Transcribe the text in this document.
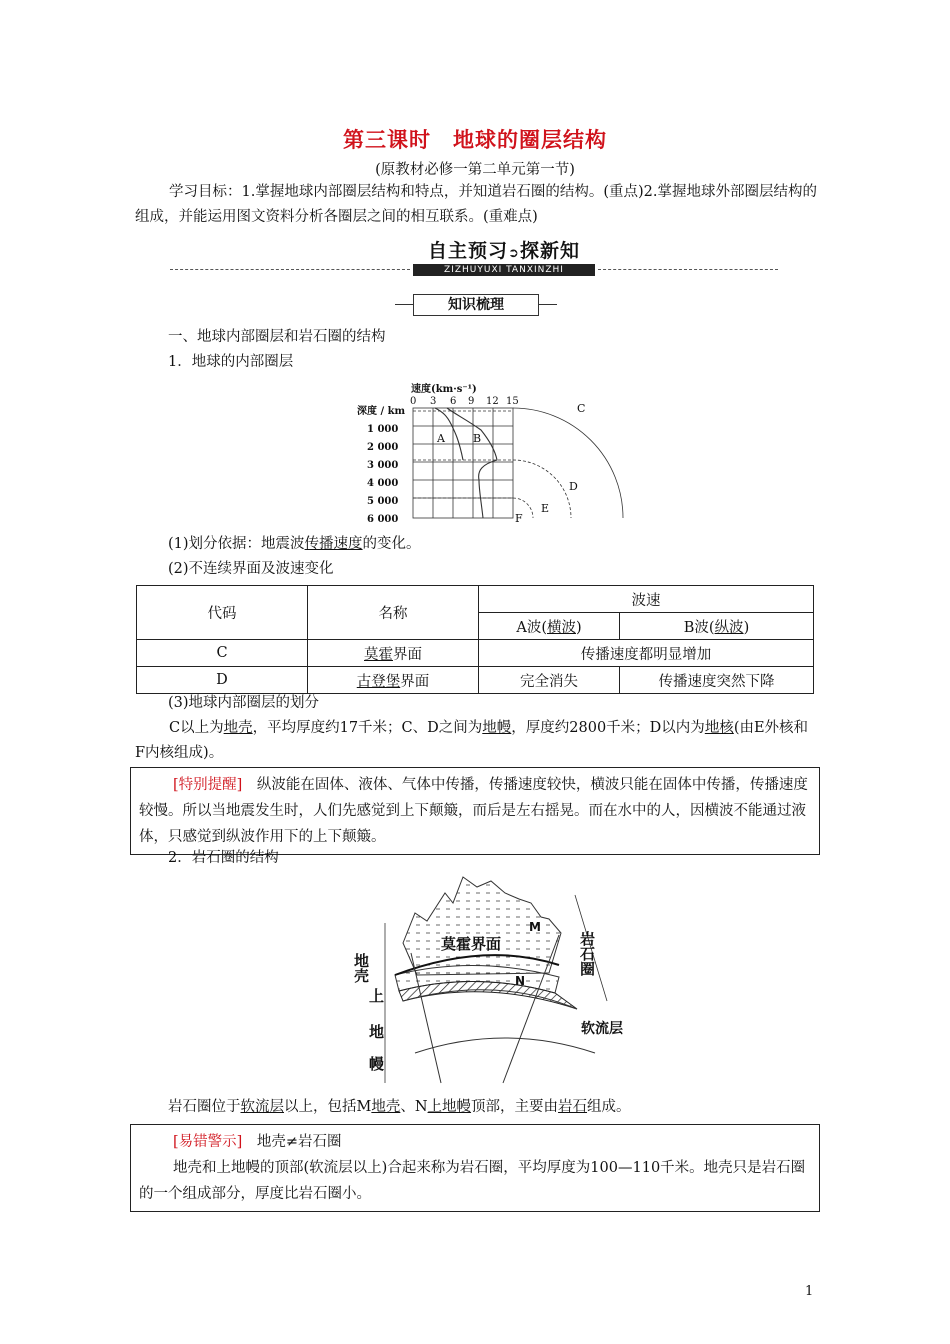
第三课时　地球的圈层结构
(原教材必修一第二单元第一节)
学习目标：1.掌握地球内部圈层结构和特点，并知道岩石圈的结构。(重点)2.掌握地球外部圈层结构的组成，并能运用图文资料分析各圈层之间的相互联系。(重难点)
自主预习➲探新知
ZIZHUYUXI TANXINZHI
知识梳理
一、地球内部圈层和岩石圈的结构
1．地球的内部圈层
速度(km·s⁻¹)
深度 / km
0 3 6 9 12 15
1 000
2 000
3 000
4 000
5 000
6 000
A	B
C
D
E
F
(1)划分依据：地震波传播速度的变化。
(2)不连续界面及波速变化
代码	名称	波速	
		A波(横波)	B波(纵波)
C	莫霍界面	传播速度都明显增加	
D	古登堡界面	完全消失	传播速度突然下降
(3)地球内部圈层的划分
C以上为地壳，平均厚度约17千米；C、D之间为地幔，厚度约2800千米；D以内为地核(由E外核和F内核组成)。
[特别提醒]　 纵波能在固体、液体、气体中传播，传播速度较快，横波只能在固体中传播，传播速度较慢。所以当地震发生时，人们先感觉到上下颠簸，而后是左右摇晃。而在水中的人，因横波不能通过液体，只感觉到纵波作用下的上下颠簸。
2．岩石圈的结构
莫霍界面
M
N
地壳
上
地
幔
岩石圈
软流层
岩石圈位于软流层以上，包括M地壳、N上地幔顶部，主要由岩石组成。
[易错警示]　 地壳≠岩石圈
地壳和上地幔的顶部(软流层以上)合起来称为岩石圈，平均厚度为100—110千米。地壳只是岩石圈的一个组成部分，厚度比岩石圈小。
1
